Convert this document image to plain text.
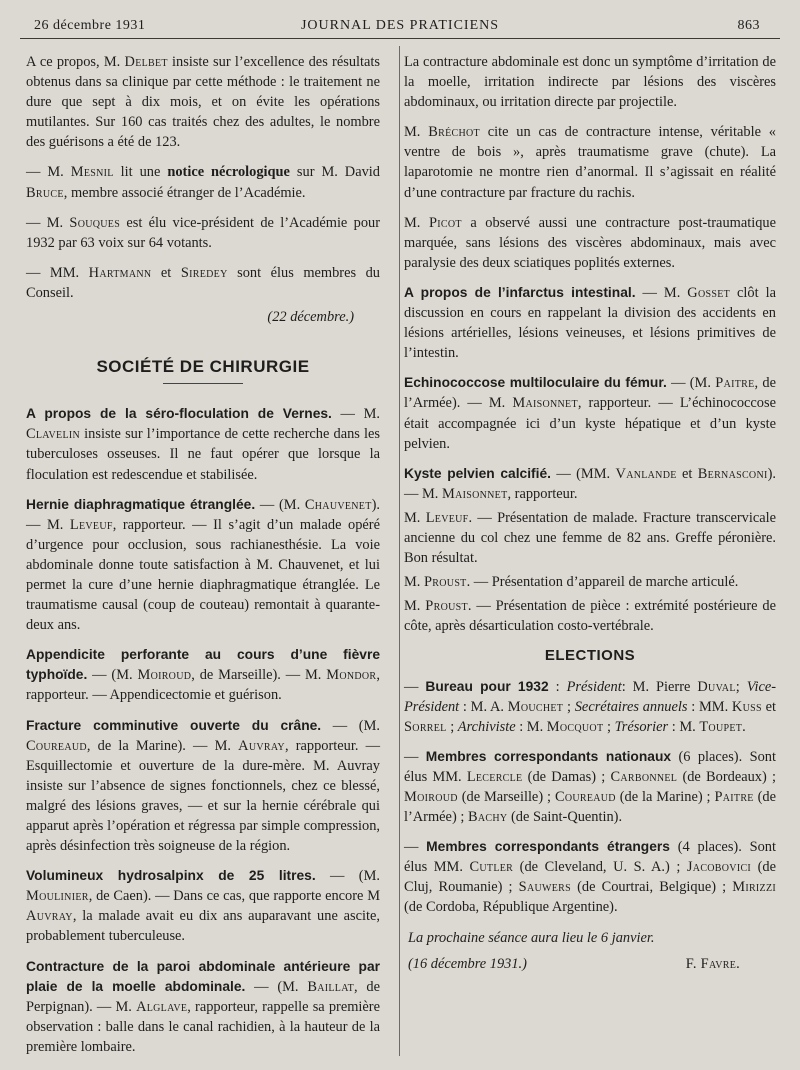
26 décembre 1931	JOURNAL DES PRATICIENS	863

A ce propos, M. Delbet insiste sur l’excellence des résultats obtenus dans sa clinique par cette méthode : le traitement ne dure que sept à dix mois, et on évite les opérations mutilantes. Sur 160 cas traités chez des adultes, le nombre des guérisons a été de 123.

— M. Mesnil lit une notice nécrologique sur M. David Bruce, membre associé étranger de l’Académie.

— M. Souques est élu vice-président de l’Académie pour 1932 par 63 voix sur 64 votants.

— MM. Hartmann et Siredey sont élus membres du Conseil.

(22 décembre.)
SOCIÉTÉ DE CHIRURGIE

A propos de la séro-floculation de Vernes. — M. Clavelin insiste sur l’importance de cette recherche dans les tuberculoses osseuses. Il ne faut opérer que lorsque la floculation est redescendue et stabilisée.

Hernie diaphragmatique étranglée. — (M. Chauvenet). — M. Leveuf, rapporteur. — Il s’agit d’un malade opéré d’urgence pour occlusion, sous rachianesthésie. La voie abdominale donne toute satisfaction à M. Chauvenet, et lui permet la cure d’une hernie diaphragmatique étranglée. Le traumatisme causal (coup de couteau) remontait à quarante-deux ans.

Appendicite perforante au cours d’une fièvre typhoïde. — (M. Moiroud, de Marseille). — M. Mondor, rapporteur. — Appendicectomie et guérison.

Fracture comminutive ouverte du crâne. — (M. Coureaud, de la Marine). — M. Auvray, rapporteur. — Esquillectomie et ouverture de la dure-mère. M. Auvray insiste sur l’absence de signes fonctionnels, chez ce blessé, malgré des lésions graves, — et sur la hernie cérébrale qui apparut après l’opération et régressa par simple compression, après désinfection très soigneuse de la région.

Volumineux hydrosalpinx de 25 litres. — (M. Moulinier, de Caen). — Dans ce cas, que rapporte encore M Auvray, la malade avait eu dix ans auparavant une ascite, probablement tuberculeuse.

Contracture de la paroi abdominale antérieure par plaie de la moelle abdominale. — (M. Baillat, de Perpignan). — M. Alglave, rapporteur, rappelle sa première observation : balle dans le canal rachidien, à la hauteur de la première lombaire.

La contracture abdominale est donc un symptôme d’irritation de la moelle, irritation indirecte par lésions des viscères abdominaux, ou irritation directe par projectile.

M. Bréchot cite un cas de contracture intense, véritable « ventre de bois », après traumatisme grave (chute). La laparotomie ne montre rien d’anormal. Il s’agissait en réalité d’une contracture par fracture du rachis.

M. Picot a observé aussi une contracture post-traumatique marquée, sans lésions des viscères abdominaux, mais avec paralysie des deux sciatiques poplités externes.

A propos de l’infarctus intestinal. — M. Gosset clôt la discussion en cours en rappelant la division des accidents en lésions artérielles, lésions veineuses, et lésions primitives de l’intestin.

Echinococcose multiloculaire du fémur. — (M. Paitre, de l’Armée). — M. Maisonnet, rapporteur. — L’échinococcose était accompagnée ici d’un kyste hépatique et d’un kyste pelvien.

Kyste pelvien calcifié. — (MM. Vanlande et Bernasconi). — M. Maisonnet, rapporteur.

M. Leveuf. — Présentation de malade. Fracture transcervicale ancienne du col chez une femme de 82 ans. Greffe péronière. Bon résultat.

M. Proust. — Présentation d’appareil de marche articulé.

M. Proust. — Présentation de pièce : extrémité postérieure de côte, après désarticulation costo-vertébrale.

ELECTIONS

— Bureau pour 1932 : Président: M. Pierre Duval; Vice-Président : M. A. Mouchet ; Secrétaires annuels : MM. Kuss et Sorrel ; Archiviste : M. Mocquot ; Trésorier : M. Toupet.

— Membres correspondants nationaux (6 places). Sont élus MM. Lecercle (de Damas) ; Carbonnel (de Bordeaux) ; Moiroud (de Marseille) ; Coureaud (de la Marine) ; Paitre (de l’Armée) ; Bachy (de Saint-Quentin).

— Membres correspondants étrangers (4 places). Sont élus MM. Cutler (de Cleveland, U. S. A.) ; Jacobovici (de Cluj, Roumanie) ; Sauwers (de Courtrai, Belgique) ; Mirizzi (de Cordoba, République Argentine).

La prochaine séance aura lieu le 6 janvier.

(16 décembre 1931.)	F. Favre.
